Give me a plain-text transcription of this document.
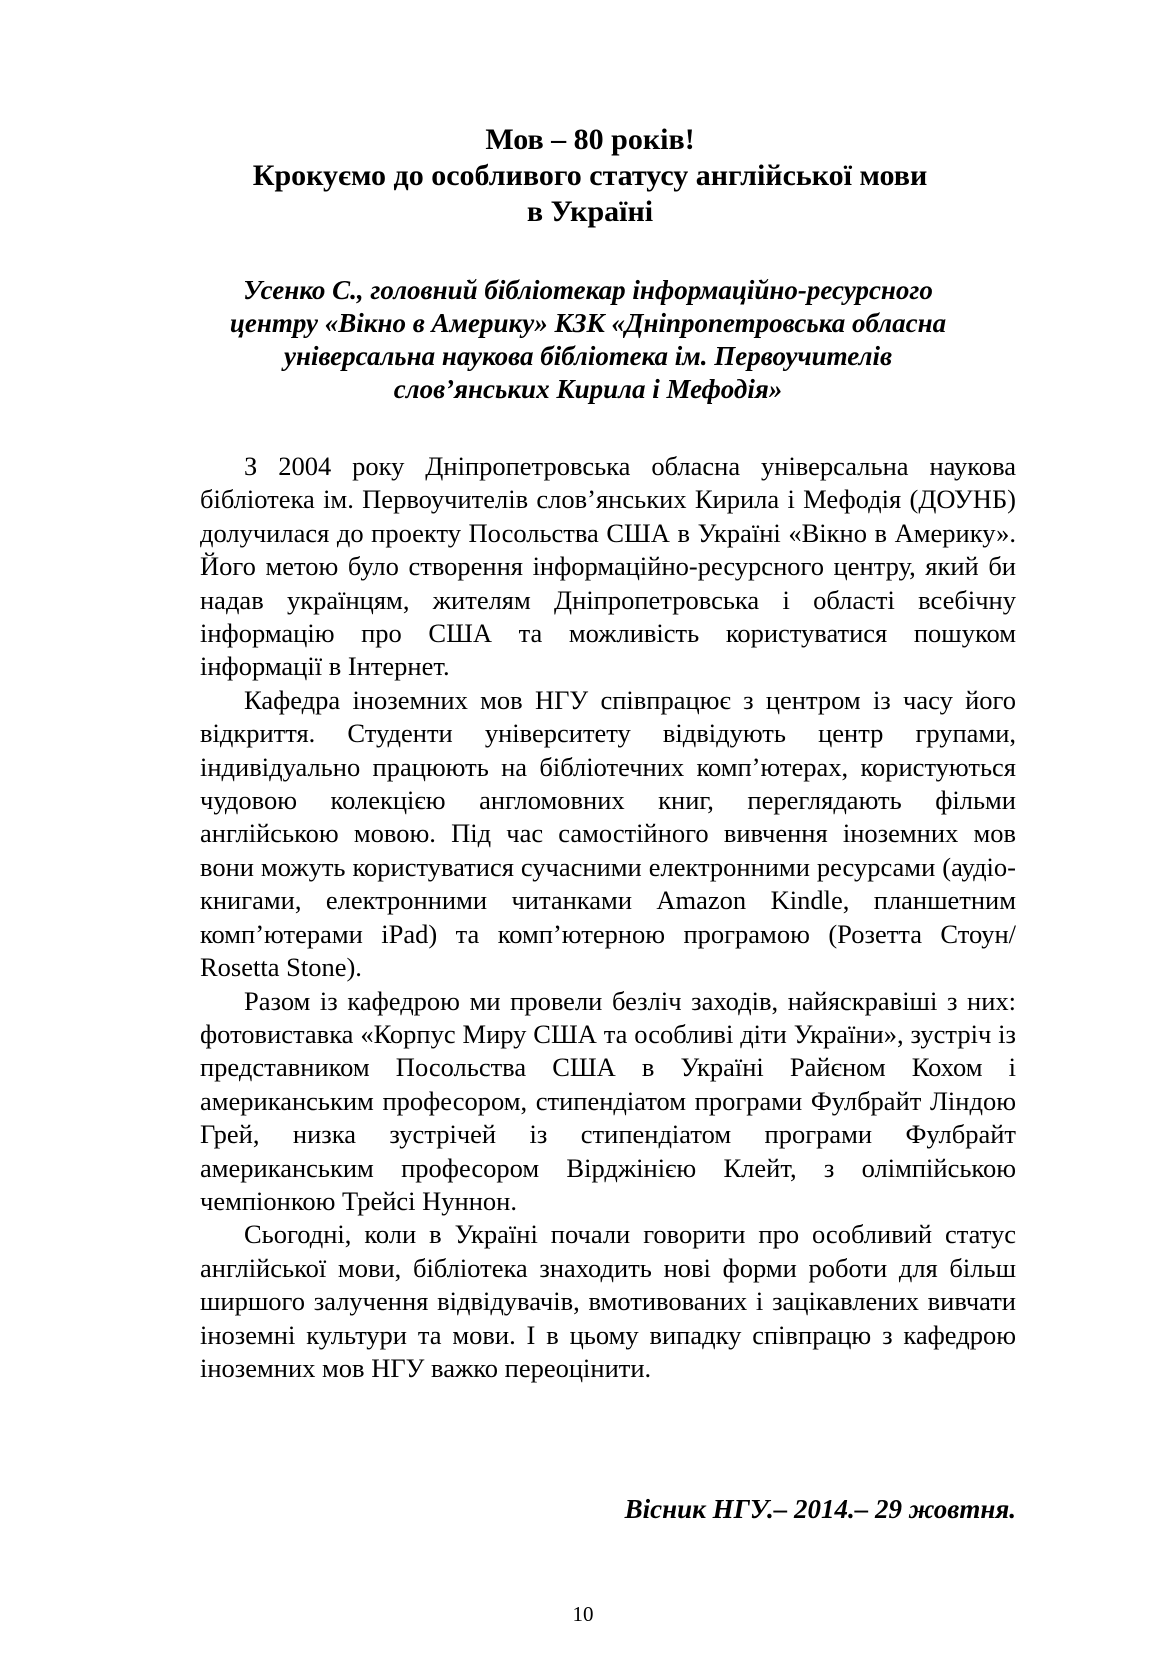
Мов – 80 років!
Крокуємо до особливого статусу англійської мови
в Україні
Усенко С., головний бібліотекар інформаційно-ресурсного
центру «Вікно в Америку» КЗК «Дніпропетровська обласна
універсальна наукова бібліотека ім. Первоучителів
слов’янських Кирила і Мефодія»

З 2004 року Дніпропетровська обласна універсальна наукова бібліотека ім. Первоучителів слов’янських Кирила і Мефодія (ДОУНБ) долучилася до проекту Посольства США в Україні «Вікно в Америку». Його метою було створення інформаційно-ресурсного центру, який би надав українцям, жителям Дніпропетровська і області всебічну інформацію про США та можливість користуватися пошуком інформації в Інтернет.

Кафедра іноземних мов НГУ співпрацює з центром із часу його відкриття. Студенти університету відвідують центр групами, індивідуально працюють на бібліотечних комп’ютерах, користуються чудовою колекцією англомовних книг, переглядають фільми англійською мовою. Під час самостійного вивчення іноземних мов вони можуть користуватися сучасними електронними ресурсами (аудіо-книгами, електронними читанками Amazon Kindle, планшетним комп’ютерами iPad) та комп’ютерною програмою (Розетта Стоун/ Rosetta Stone).

Разом із кафедрою ми провели безліч заходів, найяскравіші з них: фотовиставка «Корпус Миру США та особливі діти України», зустріч із представником Посольства США в Україні Райєном Кохом і американським професором, стипендіатом програми Фулбрайт Ліндою Грей, низка зустрічей із стипендіатом програми Фулбрайт американським професором Вірджінією Клейт, з олімпійською чемпіонкою Трейсі Нуннон.

Сьогодні, коли в Україні почали говорити про особливий статус англійської мови, бібліотека знаходить нові форми роботи для більш ширшого залучення відвідувачів, вмотивованих і зацікавлених вивчати іноземні культури та мови. І в цьому випадку співпрацю з кафедрою іноземних мов НГУ важко переоцінити.

Вісник НГУ.– 2014.– 29 жовтня.
10
